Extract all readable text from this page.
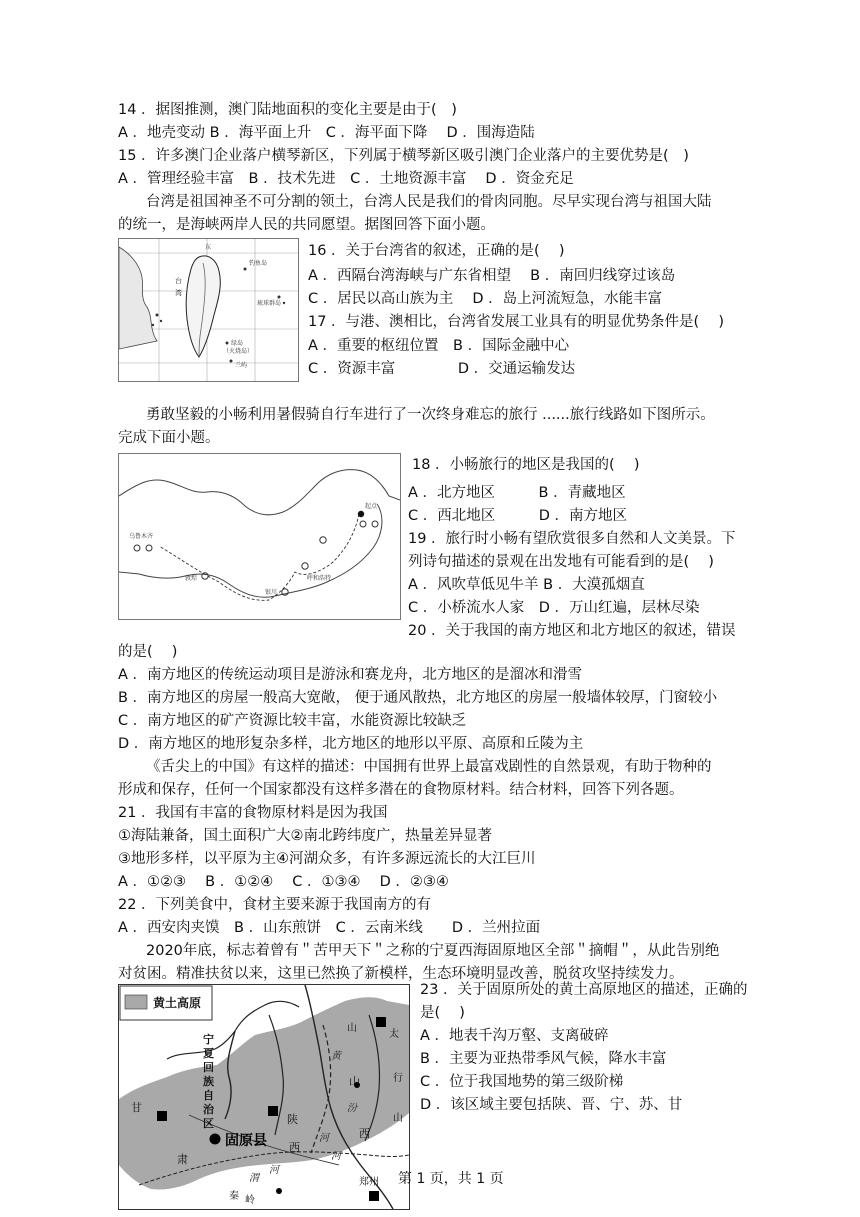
14 ．据图推测，澳门陆地面积的变化主要是由于(　)
A ．地壳变动 B ．海平面上升　C ．海平面下降　 D ．围海造陆
15 ．许多澳门企业落户横琴新区，下列属于横琴新区吸引澳门企业落户的主要优势是(　)
A ．管理经验丰富　B ．技术先进　C ．土地资源丰富　 D ．资金充足
台湾是祖国神圣不可分割的领土，台湾人民是我们的骨肉同胞。尽早实现台湾与祖国大陆
的统一，是海峡两岸人民的共同愿望。据图回答下面小题。
东
钓鱼岛
台
湾
琉球群岛
绿岛
（火烧岛）
兰屿
16 ．关于台湾省的叙述，正确的是(　 )
A ．西隔台湾海峡与广东省相望　 B ．南回归线穿过该岛
C ．居民以高山族为主　 D ．岛上河流短急，水能丰富
17 ．与港、澳相比，台湾省发展工业具有的明显优势条件是(　 )
A ．重要的枢纽位置　B ．国际金融中心
C ．资源丰富　　　　 D ．交通运输发达
勇敢坚毅的小畅利用暑假骑自行车进行了一次终身难忘的旅行 ......旅行线路如下图所示。
完成下面小题。
起点
乌鲁木齐
敦煌
银川
呼和浩特
18 ．小畅旅行的地区是我国的(　 )
A ．北方地区　　　B ．青藏地区
C ．西北地区　　　D ．南方地区
19 ．旅行时小畅有望欣赏很多自然和人文美景。下
列诗句描述的景观在出发地有可能看到的是(　 )
A ．风吹草低见牛羊 B ．大漠孤烟直
C ．小桥流水人家　D ．万山红遍，层林尽染
20 ．关于我国的南方地区和北方地区的叙述，错误
的是(　 )
A ．南方地区的传统运动项目是游泳和赛龙舟，北方地区的是溜冰和滑雪
B ．南方地区的房屋一般高大宽敞， 便于通风散热，北方地区的房屋一般墙体较厚，门窗较小
C ．南方地区的矿产资源比较丰富，水能资源比较缺乏
D ．南方地区的地形复杂多样，北方地区的地形以平原、高原和丘陵为主
《舌尖上的中国》有这样的描述：中国拥有世界上最富戏剧性的自然景观，有助于物种的
形成和保存，任何一个国家都没有这样多潜在的食物原材料。结合材料，回答下列各题。
21 ．我国有丰富的食物原材料是因为我国
①海陆兼备，国土面积广大②南北跨纬度广，热量差异显著
③地形多样，以平原为主④河湖众多，有许多源远流长的大江巨川
A ．①②③　 B ．①②④　 C ．①③④　 D ．②③④
22 ．下列美食中，食材主要来源于我国南方的有
A ．西安肉夹馍　B ．山东煎饼　C ．云南米线　　D ．兰州拉面
2020年底，标志着曾有＂苦甲天下＂之称的宁夏西海固原地区全部＂摘帽＂，从此告别绝
对贫困。精准扶贫以来，这里已然换了新模样，生态环境明显改善，脱贫攻坚持续发力。
黄土高原
宁
夏
回
族
自
治
区
固原县
甘
肃
陕
西
山
西
黄
河
汾
河
渭
河
秦 岭
太
行
山
郑州
山
23 ．关于固原所处的黄土高原地区的描述，正确的
是(　 )
A ．地表千沟万壑、支离破碎
B ．主要为亚热带季风气候，降水丰富
C ．位于我国地势的第三级阶梯
D ．该区域主要包括陕、晋、宁、苏、甘
第 1 页，共 1 页
